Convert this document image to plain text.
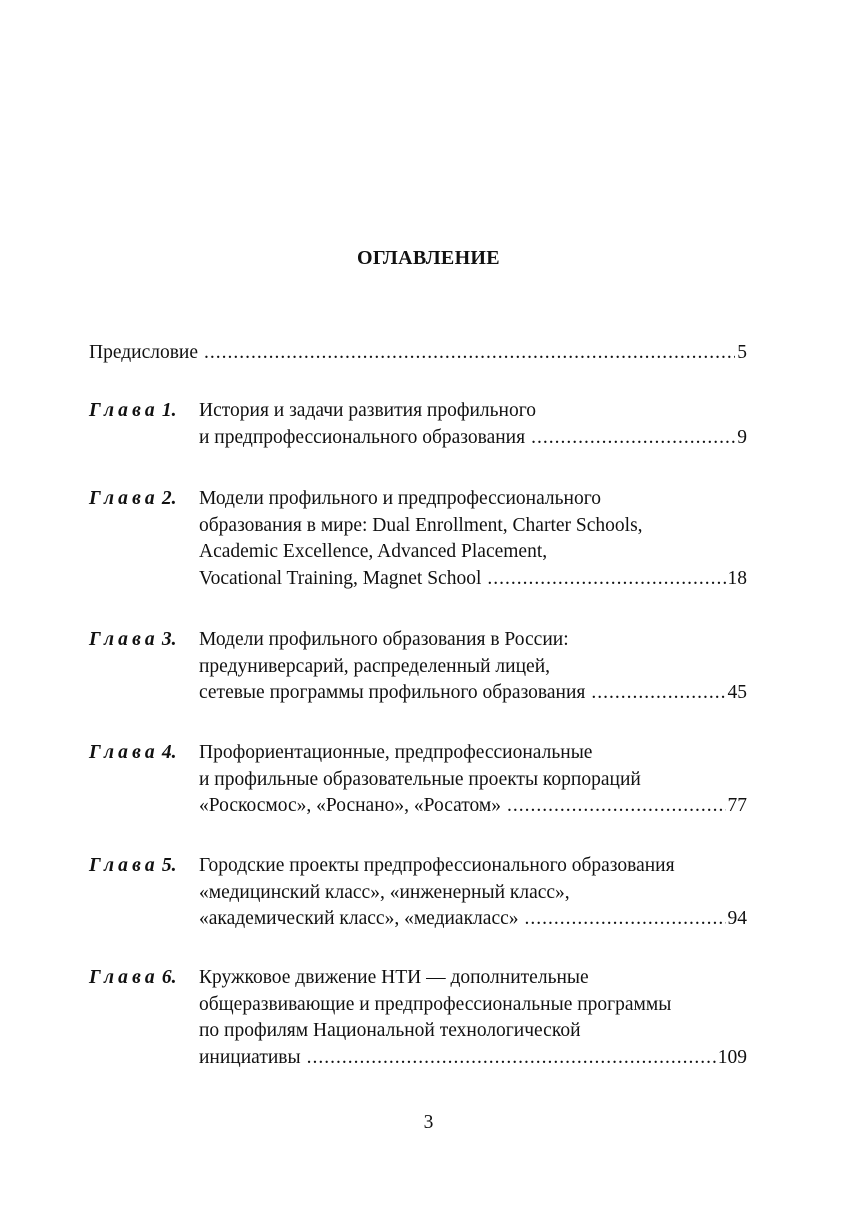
ОГЛАВЛЕНИЕ
Предисловие .....	5
Глава 1. История и задачи развития профильного
и предпрофессионального образования .....	9
Глава 2. Модели профильного и предпрофессионального
образования в мире: Dual Enrollment, Charter Schools,
Academic Excellence, Advanced Placement,
Vocational Training, Magnet School .....	18
Глава 3. Модели профильного образования в России:
предуниверсарий, распределенный лицей,
сетевые программы профильного образования .....	45
Глава 4. Профориентационные, предпрофессиональные
и профильные образовательные проекты корпораций
«Роскосмос», «Роснано», «Росатом» .....	77
Глава 5. Городские проекты предпрофессионального образования
«медицинский класс», «инженерный класс»,
«академический класс», «медиакласс» .....	94
Глава 6. Кружковое движение НТИ — дополнительные
общеразвивающие и предпрофессиональные программы
по профилям Национальной технологической
инициативы .....	109
3
